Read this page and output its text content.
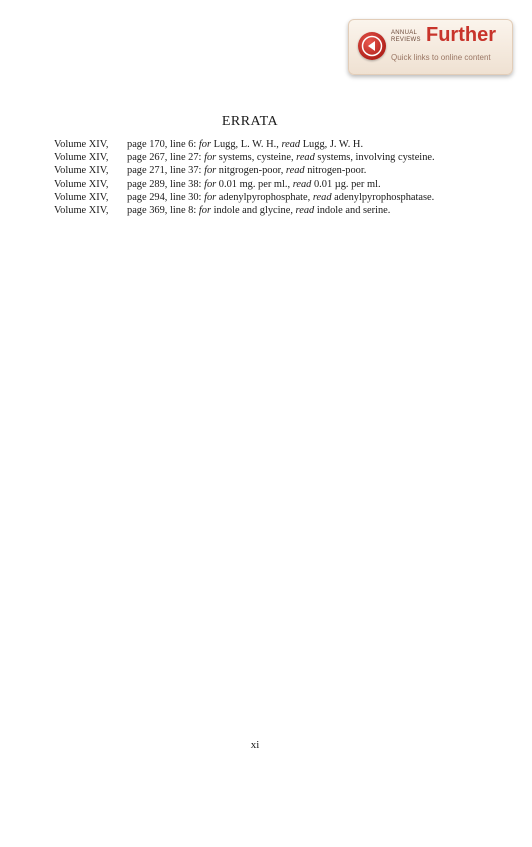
ANNUAL
REVIEWS Further
Quick links to online content
ERRATA
Volume XIV, page 170, line 6: for Lugg, L. W. H., read Lugg, J. W. H.
Volume XIV, page 267, line 27: for systems, cysteine, read systems, involving cysteine.
Volume XIV, page 271, line 37: for nitgrogen-poor, read nitrogen-poor.
Volume XIV, page 289, line 38: for 0.01 mg. per ml., read 0.01 µg. per ml.
Volume XIV, page 294, line 30: for adenylpyrophosphate, read adenylpyrophosphatase.
Volume XIV, page 369, line 8: for indole and glycine, read indole and serine.
xi
